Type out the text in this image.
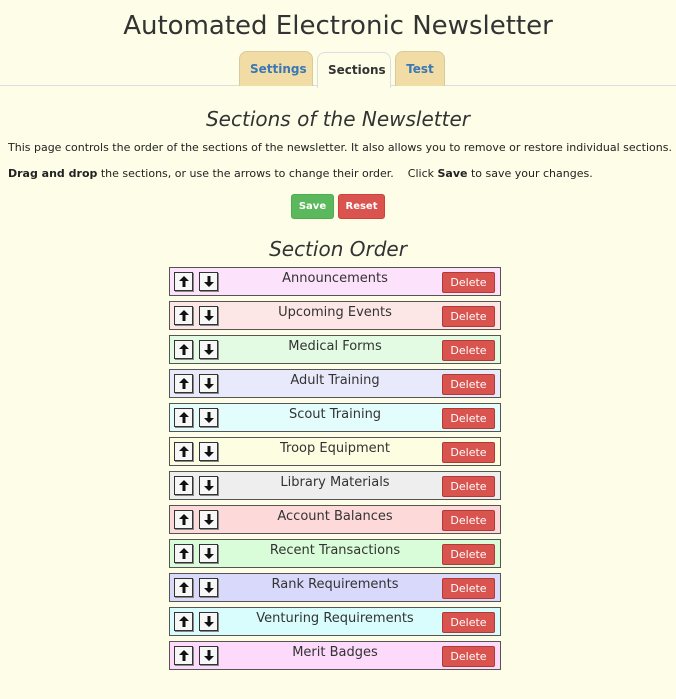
Automated Electronic Newsletter
Settings	Sections	Test
Sections of the Newsletter

This page controls the order of the sections of the newsletter. It also allows you to remove or restore individual sections.

Drag and drop the sections, or use the arrows to change their order.    Click Save to save your changes.

Save	Reset
Section Order
Announcements	Delete
Upcoming Events	Delete
Medical Forms	Delete
Adult Training	Delete
Scout Training	Delete
Troop Equipment	Delete
Library Materials	Delete
Account Balances	Delete
Recent Transactions	Delete
Rank Requirements	Delete
Venturing Requirements	Delete
Merit Badges	Delete
